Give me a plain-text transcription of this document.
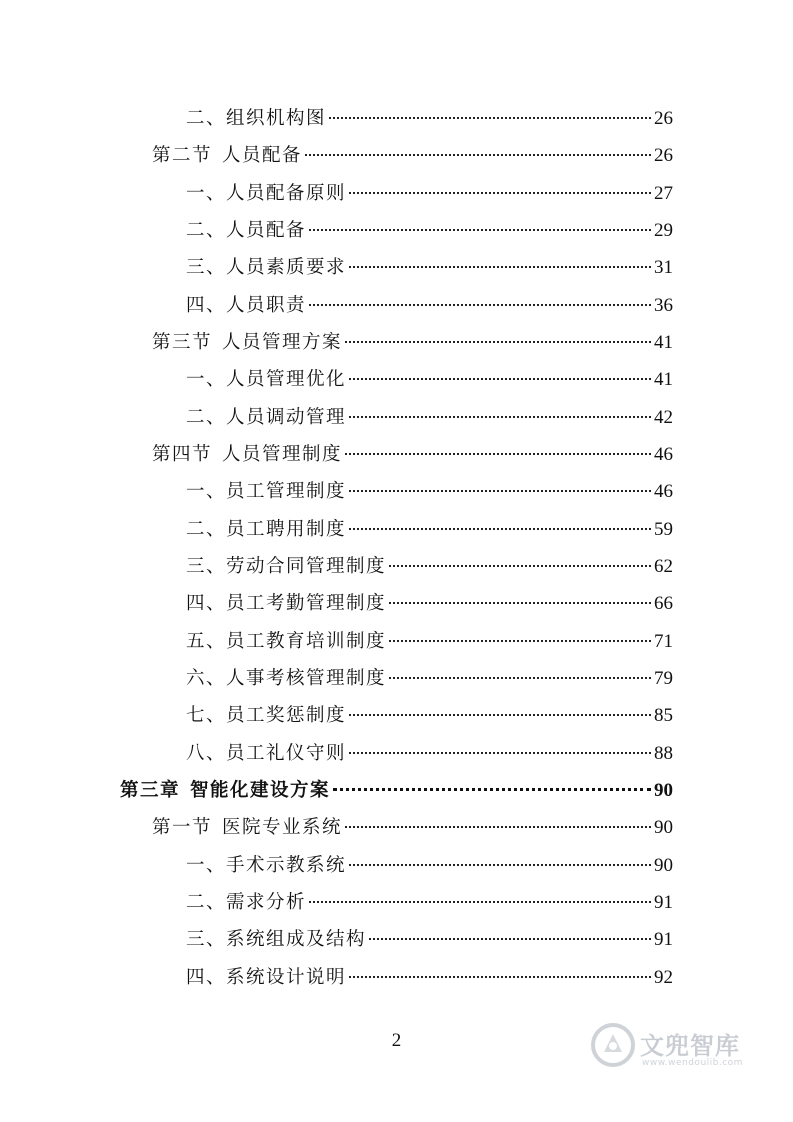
二、组织机构图	26
第二节 人员配备	26
一、人员配备原则	27
二、人员配备	29
三、人员素质要求	31
四、人员职责	36
第三节 人员管理方案	41
一、人员管理优化	41
二、人员调动管理	42
第四节 人员管理制度	46
一、员工管理制度	46
二、员工聘用制度	59
三、劳动合同管理制度	62
四、员工考勤管理制度	66
五、员工教育培训制度	71
六、人事考核管理制度	79
七、员工奖惩制度	85
八、员工礼仪守则	88
第三章 智能化建设方案	90
第一节 医院专业系统	90
一、手术示教系统	90
二、需求分析	91
三、系统组成及结构	91
四、系统设计说明	92
2	文兜智库
www.wendoulib.com
